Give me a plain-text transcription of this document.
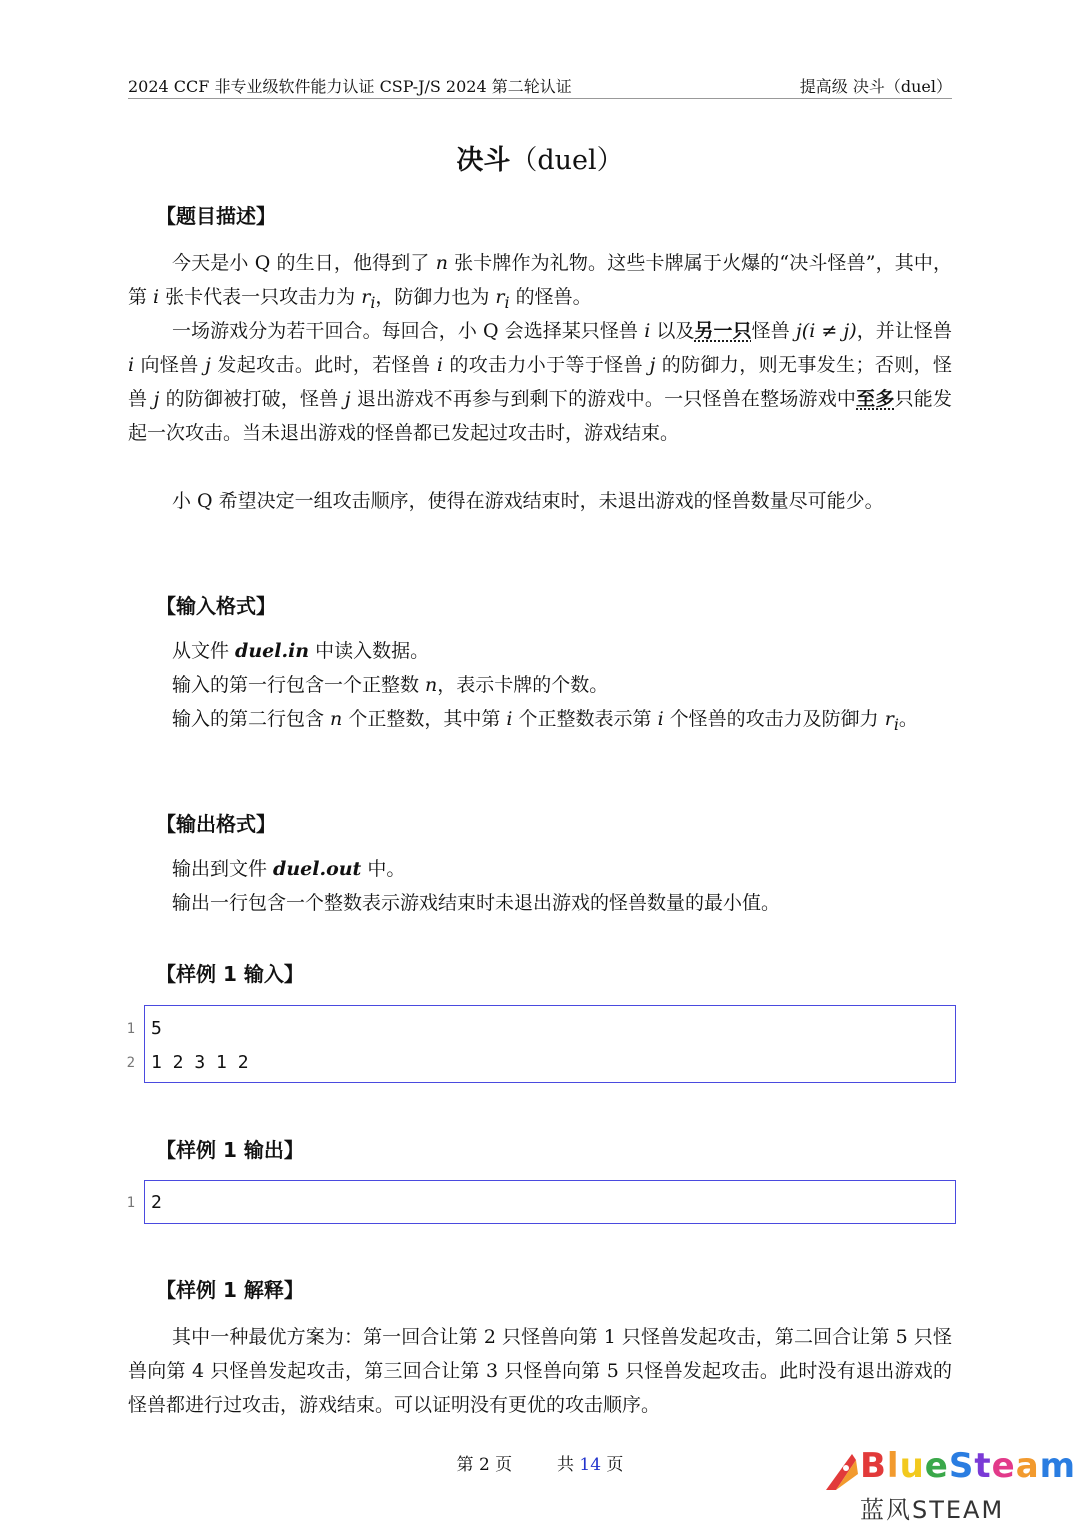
2024 CCF 非专业级软件能力认证 CSP-J/S 2024 第二轮认证	提高级 决斗（duel）
决斗（duel）
【题目描述】
今天是小 Q 的生日，他得到了 n 张卡牌作为礼物。这些卡牌属于火爆的“决斗怪兽”，其中，第 i 张卡代表一只攻击力为 $r_i$，防御力也为 $r_i$ 的怪兽。
一场游戏分为若干回合。每回合，小 Q 会选择某只怪兽 i 以及另一只怪兽 j(i ≠ j)，并让怪兽 i 向怪兽 j 发起攻击。此时，若怪兽 i 的攻击力小于等于怪兽 j 的防御力，则无事发生；否则，怪兽 j 的防御被打破，怪兽 j 退出游戏不再参与到剩下的游戏中。一只怪兽在整场游戏中至多只能发起一次攻击。当未退出游戏的怪兽都已发起过攻击时，游戏结束。
小 Q 希望决定一组攻击顺序，使得在游戏结束时，未退出游戏的怪兽数量尽可能少。
【输入格式】
从文件 duel.in 中读入数据。
输入的第一行包含一个正整数 n，表示卡牌的个数。
输入的第二行包含 n 个正整数，其中第 i 个正整数表示第 i 个怪兽的攻击力及防御力 $r_i$。
【输出格式】
输出到文件 duel.out 中。
输出一行包含一个整数表示游戏结束时未退出游戏的怪兽数量的最小值。
【样例 1 输入】
1 5
2 1 2 3 1 2
【样例 1 输出】
1 2
【样例 1 解释】
其中一种最优方案为：第一回合让第 2 只怪兽向第 1 只怪兽发起攻击，第二回合让第 5 只怪兽向第 4 只怪兽发起攻击，第三回合让第 3 只怪兽向第 5 只怪兽发起攻击。此时没有退出游戏的怪兽都进行过攻击，游戏结束。可以证明没有更优的攻击顺序。
第 2 页	共 14 页	BlueSteam
蓝风STEAM
